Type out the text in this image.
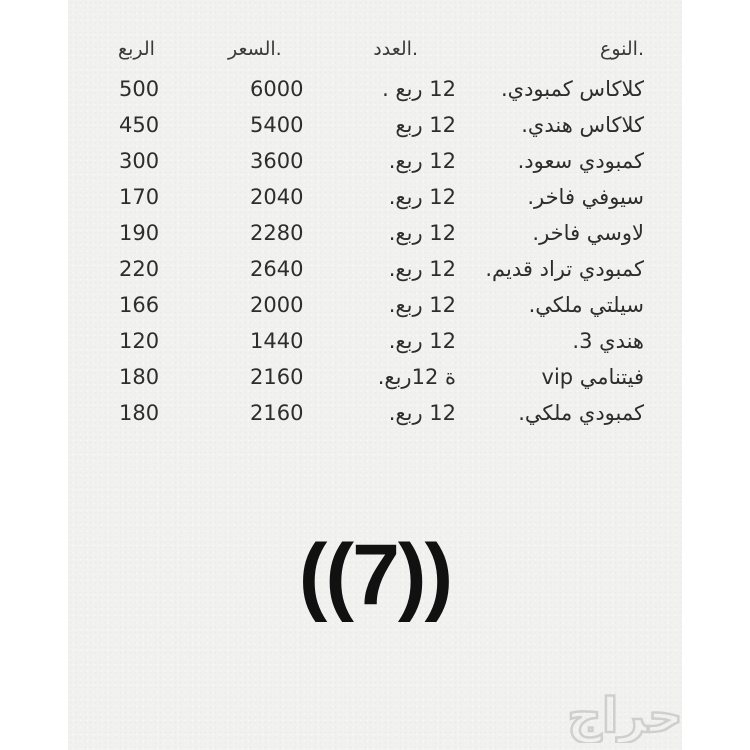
النوع.
العدد.
السعر.
الربع
كلاكاس كمبودي.
12 ربع .
6000
500
كلاكاس هندي.
12 ربع
5400
450
كمبودي سعود.
12 ربع.
3600
300
سيوفي فاخر.
12 ربع.
2040
170
لاوسي فاخر.
12 ربع.
2280
190
كمبودي تراد قديم.
12 ربع.
2640
220
سيلتي ملكي.
12 ربع.
2000
166
هندي 3.
12 ربع.
1440
120
فيتنامي vip
ة 12ربع.
2160
180
كمبودي ملكي.
12 ربع.
2160
180
((7))
حراج
